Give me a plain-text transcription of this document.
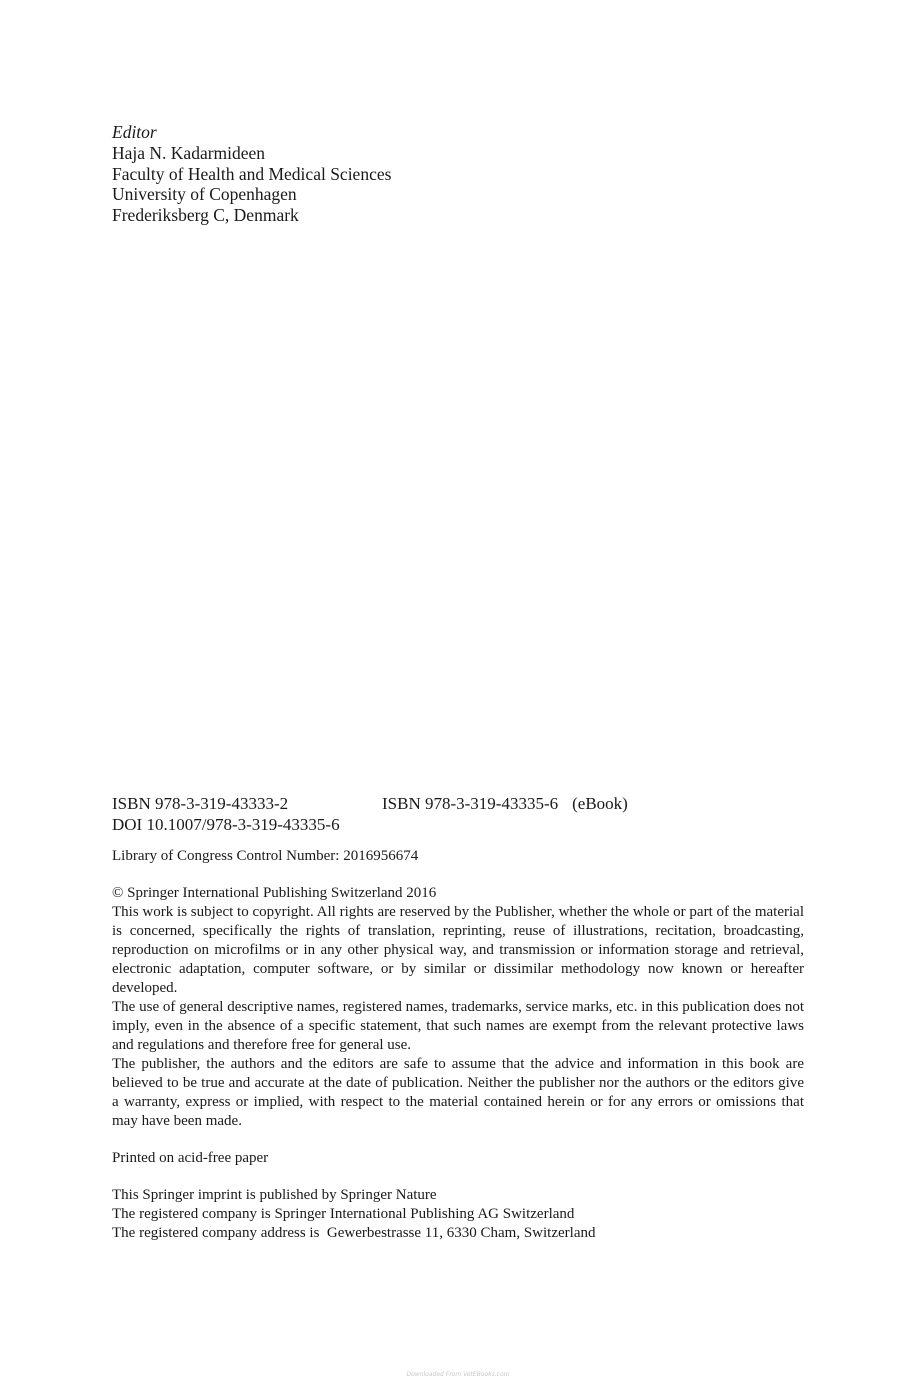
Editor
Haja N. Kadarmideen
Faculty of Health and Medical Sciences
University of Copenhagen
Frederiksberg C, Denmark
ISBN 978-3-319-43333-2	ISBN 978-3-319-43335-6 (eBook)
DOI 10.1007/978-3-319-43335-6
Library of Congress Control Number: 2016956674
© Springer International Publishing Switzerland 2016
This work is subject to copyright. All rights are reserved by the Publisher, whether the whole or part of the material is concerned, specifically the rights of translation, reprinting, reuse of illustrations, recitation, broadcasting, reproduction on microfilms or in any other physical way, and transmission or information storage and retrieval, electronic adaptation, computer software, or by similar or dissimilar methodology now known or hereafter developed.
The use of general descriptive names, registered names, trademarks, service marks, etc. in this publication does not imply, even in the absence of a specific statement, that such names are exempt from the relevant protective laws and regulations and therefore free for general use.
The publisher, the authors and the editors are safe to assume that the advice and information in this book are believed to be true and accurate at the date of publication. Neither the publisher nor the authors or the editors give a warranty, express or implied, with respect to the material contained herein or for any errors or omissions that may have been made.
Printed on acid-free paper
This Springer imprint is published by Springer Nature
The registered company is Springer International Publishing AG Switzerland
The registered company address is  Gewerbestrasse 11, 6330 Cham, Switzerland
Downloaded From VetEBooks.com
